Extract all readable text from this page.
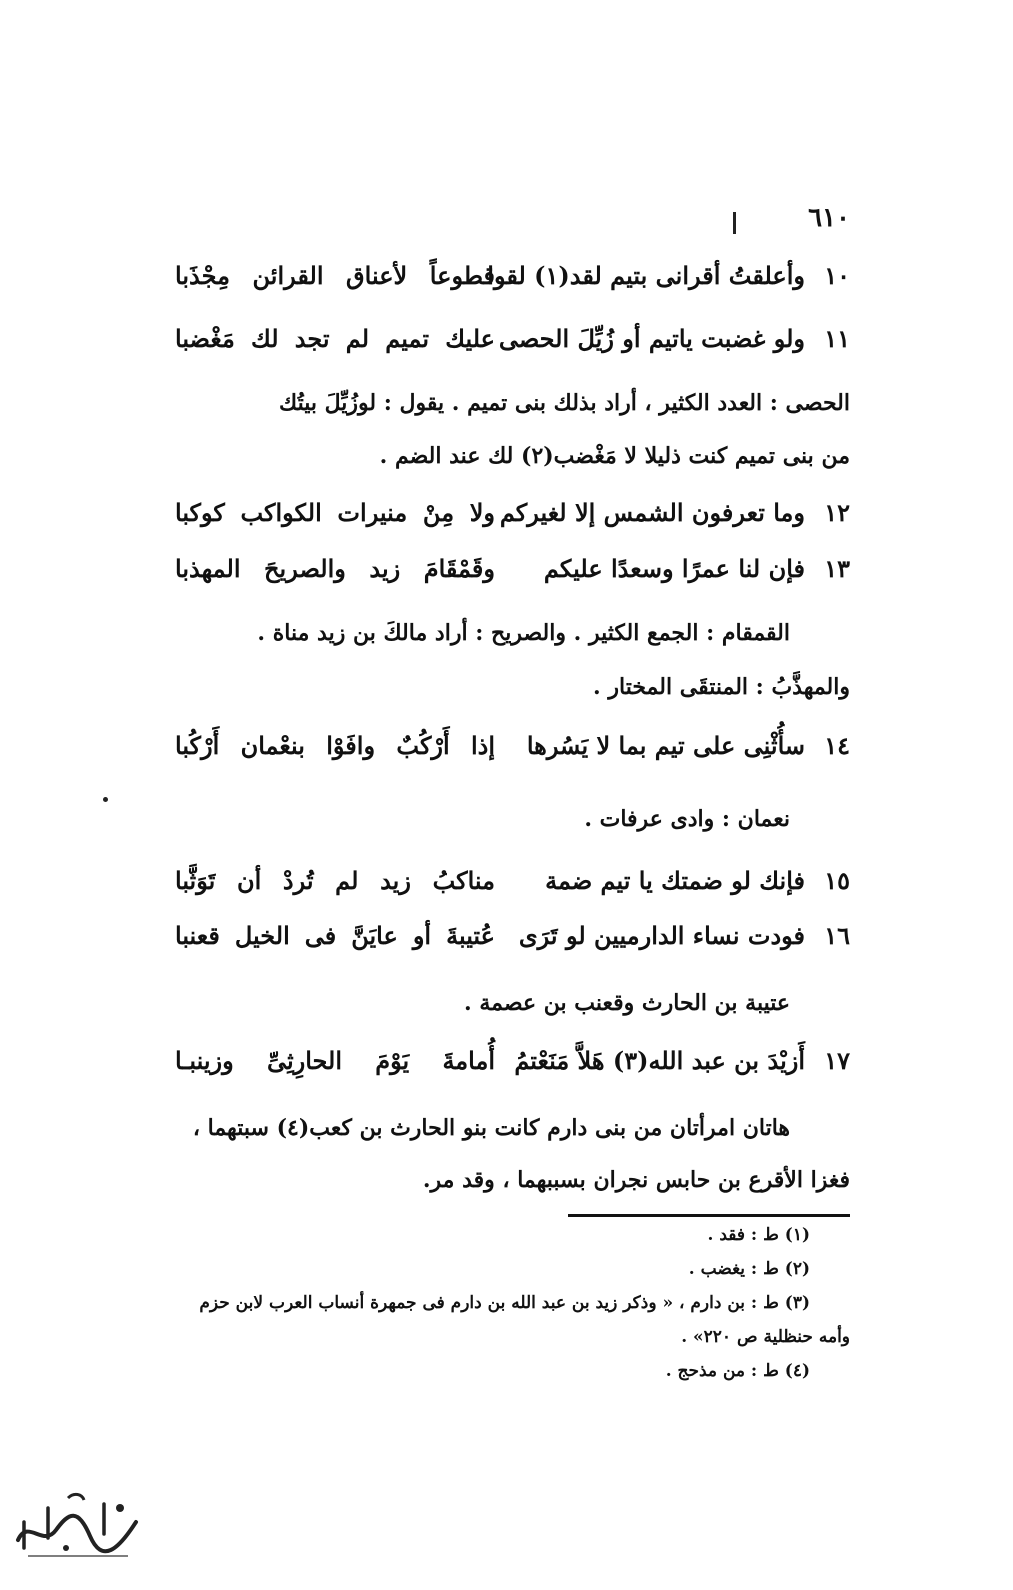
٦١٠
١٠
وأعلقتُ أقرانى بتيم لقد(١) لقوا
قطوعاً لأعناق القرائن مِجْذَبا
١١
ولو غضبت ياتيم أو زُيِّلَ الحصى
عليك تميم لم تجد لك مَغْضبا
الحصى : العدد الكثير ، أراد بذلك بنى تميم . يقول : لوزُيِّلَ بيتُك
من بنى تميم كنت ذليلا لا مَغْضب(٢) لك عند الضم .
١٢
وما تعرفون الشمس إلا لغيركم
ولا مِنْ منيرات الكواكب كوكبا
١٣
فإن لنا عمرًا وسعدًا عليكم
وقَمْقَامَ زيد والصريحَ المهذبا
القمقام : الجمع الكثير . والصريح : أراد مالكَ بن زيد مناة .
والمهذَّبُ : المنتقَى المختار .
١٤
سأُثْنِى على تيم بما لا يَسُرها
إذا أَرْكُبٌ وافَوْا بنعْمان أَرْكُبا
نعمان : وادى عرفات .
١٥
فإنك لو ضمتك يا تيم ضمة
مناكبُ زيد لم تُردْ أن تَوَثَّبا
١٦
فودت نساء الدارميين لو تَرَى
عُتيبةَ أو عايَنَّ فى الخيل قعنبا
عتيبة بن الحارث وقعنب بن عصمة .
١٧
أَزيْدَ بن عبد الله(٣) هَلاَّ مَنَعْتمُ
أُمامةَ يَوْمَ الحارِثِىِّ وزينبـا
هاتان امرأتان من بنى دارم كانت بنو الحارث بن كعب(٤) سبتهما ،
فغزا الأقرع بن حابس نجران بسببهما ، وقد مر.
(١) ط : فقد .
(٢) ط : يغضب .
(٣) ط : بن دارم ، « وذكر زيد بن عبد الله بن دارم فى جمهرة أنساب العرب لابن حزم
وأمه حنظلية ص ٢٢٠» .
(٤) ط : من مذحج .
